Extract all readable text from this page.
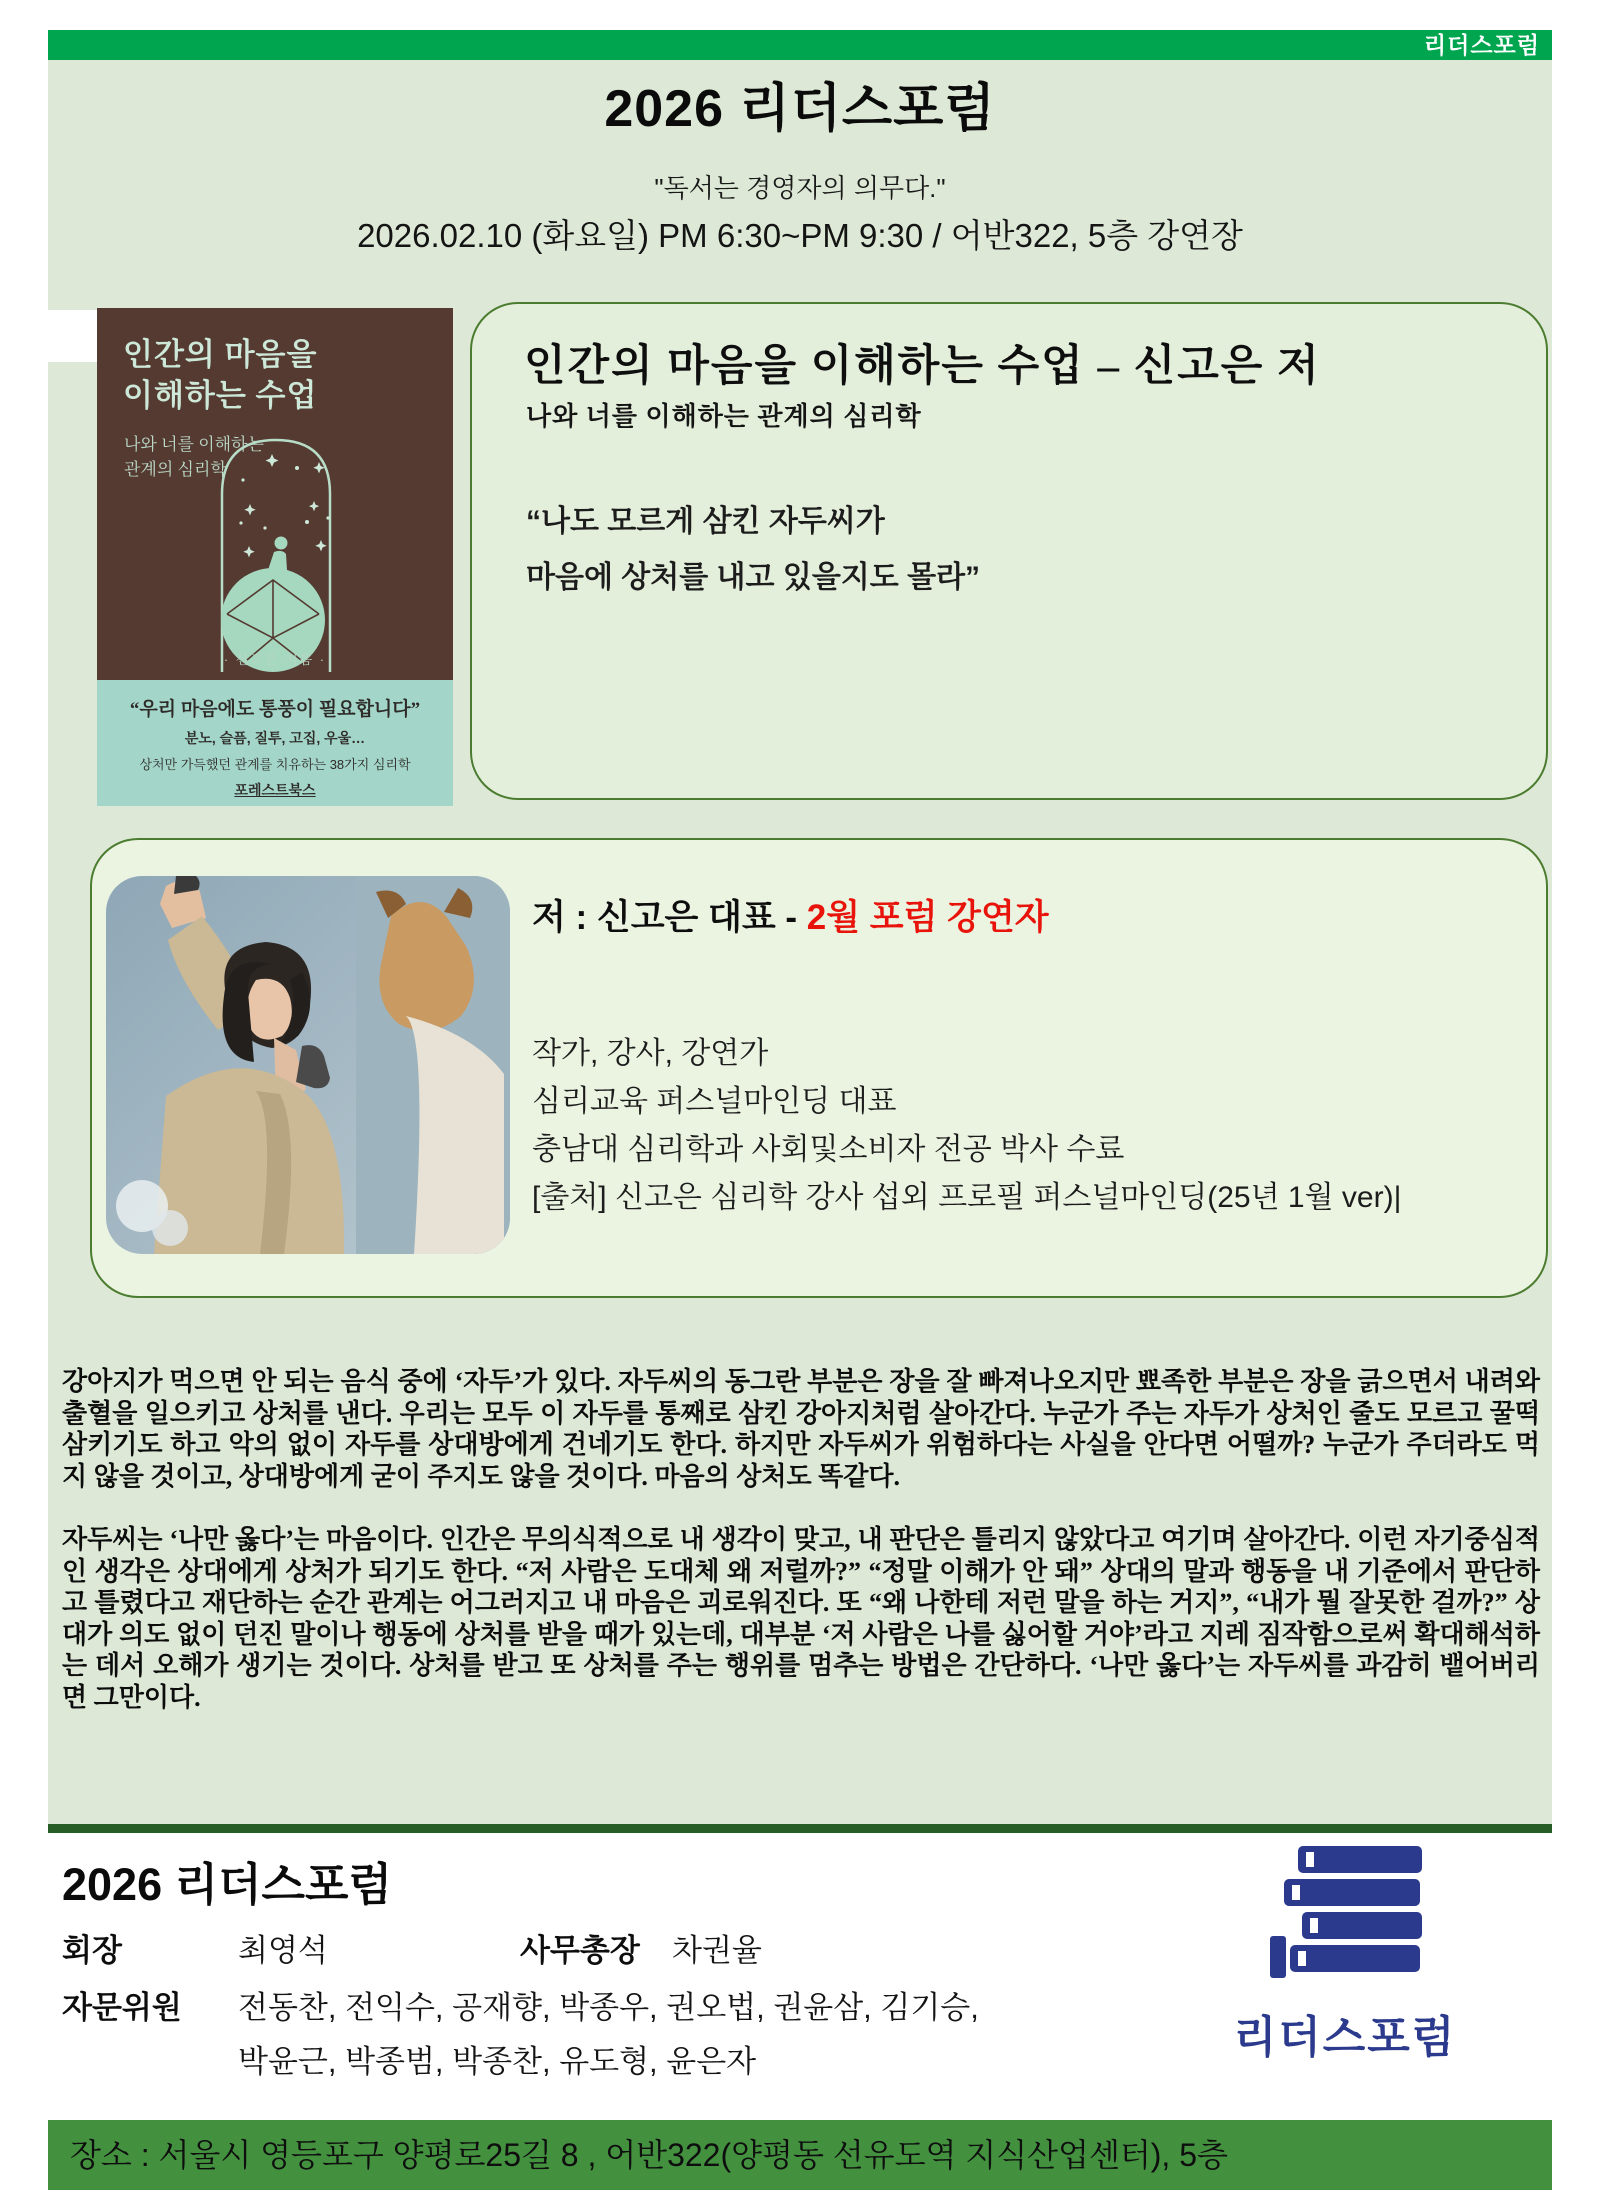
리더스포럼
2026 리더스포럼
"독서는 경영자의 의무다."
2026.02.10 (화요일) PM 6:30~PM 9:30 / 어반322, 5층 강연장
인간의 마음을
이해하는 수업
나와 너를 이해하는
관계의 심리학
· 신고은 지음 ·
“우리 마음에도 통풍이 필요합니다”
분노, 슬픔, 질투, 고집, 우울…
상처만 가득했던 관계를 치유하는 38가지 심리학
포레스트북스
인간의 마음을 이해하는 수업 – 신고은 저
나와 너를 이해하는 관계의 심리학
“나도 모르게 삼킨 자두씨가
마음에 상처를 내고 있을지도 몰라”
저 : 신고은 대표 - 2월 포럼 강연자
작가, 강사, 강연가
심리교육 퍼스널마인딩 대표
충남대 심리학과 사회및소비자 전공 박사 수료
[출처] 신고은 심리학 강사 섭외 프로필 퍼스널마인딩(25년 1월 ver)|

강아지가 먹으면 안 되는 음식 중에 ‘자두’가 있다. 자두씨의 동그란 부분은 장을 잘 빠져나오지만 뾰족한 부분은 장을 긁으면서 내려와 출혈을 일으키고 상처를 낸다. 우리는 모두 이 자두를 통째로 삼킨 강아지처럼 살아간다. 누군가 주는 자두가 상처인 줄도 모르고 꿀떡 삼키기도 하고 악의 없이 자두를 상대방에게 건네기도 한다. 하지만 자두씨가 위험하다는 사실을 안다면 어떨까? 누군가 주더라도 먹지 않을 것이고, 상대방에게 굳이 주지도 않을 것이다. 마음의 상처도 똑같다.

자두씨는 ‘나만 옳다’는 마음이다. 인간은 무의식적으로 내 생각이 맞고, 내 판단은 틀리지 않았다고 여기며 살아간다. 이런 자기중심적인 생각은 상대에게 상처가 되기도 한다. “저 사람은 도대체 왜 저럴까?” “정말 이해가 안 돼” 상대의 말과 행동을 내 기준에서 판단하고 틀렸다고 재단하는 순간 관계는 어그러지고 내 마음은 괴로워진다. 또 “왜 나한테 저런 말을 하는 거지”, “내가 뭘 잘못한 걸까?” 상대가 의도 없이 던진 말이나 행동에 상처를 받을 때가 있는데, 대부분 ‘저 사람은 나를 싫어할 거야’라고 지레 짐작함으로써 확대해석하는 데서 오해가 생기는 것이다. 상처를 받고 또 상처를 주는 행위를 멈추는 방법은 간단하다. ‘나만 옳다’는 자두씨를 과감히 뱉어버리면 그만이다.

2026 리더스포럼
회장	최영석	사무총장 차권율
자문위원 전동찬, 전익수, 공재향, 박종우, 권오법, 권윤삼, 김기승,
박윤근, 박종범, 박종찬, 유도형, 윤은자	리더스포럼
장소 : 서울시 영등포구 양평로25길 8 , 어반322(양평동 선유도역 지식산업센터), 5층
